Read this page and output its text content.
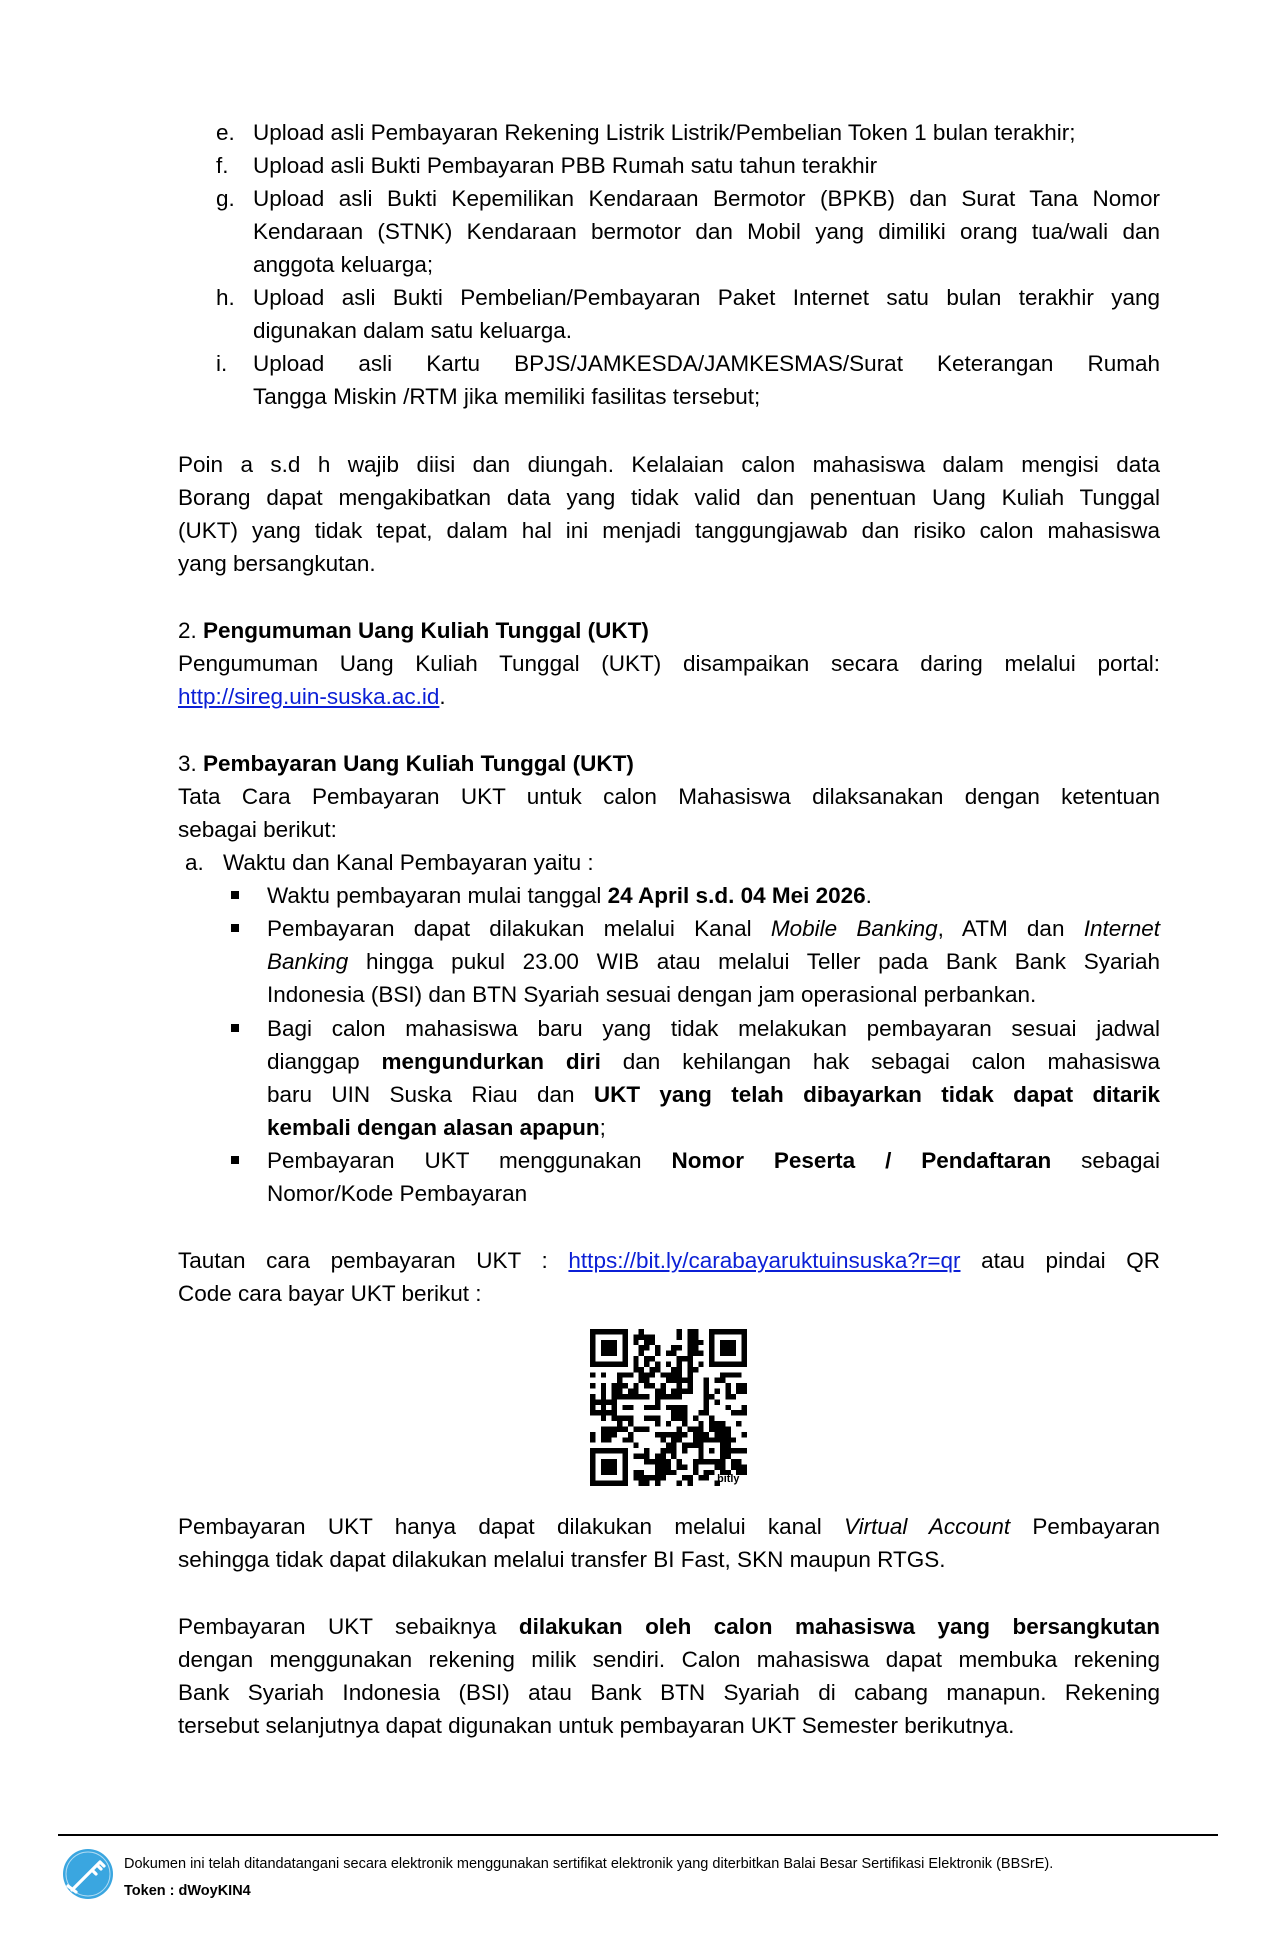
e. Upload asli Pembayaran Rekening Listrik Listrik/Pembelian Token 1 bulan terakhir;
f. Upload asli Bukti Pembayaran PBB Rumah satu tahun terakhir
g. Upload asli Bukti Kepemilikan Kendaraan Bermotor (BPKB) dan Surat Tana Nomor
Kendaraan (STNK) Kendaraan bermotor dan Mobil yang dimiliki orang tua/wali dan
anggota keluarga;
h. Upload asli Bukti Pembelian/Pembayaran Paket Internet satu bulan terakhir yang
digunakan dalam satu keluarga.
i. Upload asli Kartu BPJS/JAMKESDA/JAMKESMAS/Surat Keterangan Rumah
Tangga Miskin /RTM jika memiliki fasilitas tersebut;
Poin a s.d h wajib diisi dan diungah. Kelalaian calon mahasiswa dalam mengisi data
Borang dapat mengakibatkan data yang tidak valid dan penentuan Uang Kuliah Tunggal
(UKT) yang tidak tepat, dalam hal ini menjadi tanggungjawab dan risiko calon mahasiswa
yang bersangkutan.
2. Pengumuman Uang Kuliah Tunggal (UKT)
Pengumuman Uang Kuliah Tunggal (UKT) disampaikan secara daring melalui portal:
http://sireg.uin-suska.ac.id.
3. Pembayaran Uang Kuliah Tunggal (UKT)
Tata Cara Pembayaran UKT untuk calon Mahasiswa dilaksanakan dengan ketentuan
sebagai berikut:
a. Waktu dan Kanal Pembayaran yaitu :
Waktu pembayaran mulai tanggal 24 April s.d. 04 Mei 2026.
Pembayaran dapat dilakukan melalui Kanal Mobile Banking, ATM dan Internet
Banking hingga pukul 23.00 WIB atau melalui Teller pada Bank Bank Syariah
Indonesia (BSI) dan BTN Syariah sesuai dengan jam operasional perbankan.
Bagi calon mahasiswa baru yang tidak melakukan pembayaran sesuai jadwal
dianggap mengundurkan diri dan kehilangan hak sebagai calon mahasiswa
baru UIN Suska Riau dan UKT yang telah dibayarkan tidak dapat ditarik
kembali dengan alasan apapun;
Pembayaran UKT menggunakan Nomor Peserta / Pendaftaran sebagai
Nomor/Kode Pembayaran
Tautan cara pembayaran UKT : https://bit.ly/carabayaruktuinsuska?r=qr atau pindai QR
Code cara bayar UKT berikut :
bitly
Pembayaran UKT hanya dapat dilakukan melalui kanal Virtual Account Pembayaran
sehingga tidak dapat dilakukan melalui transfer BI Fast, SKN maupun RTGS.
Pembayaran UKT sebaiknya dilakukan oleh calon mahasiswa yang bersangkutan
dengan menggunakan rekening milik sendiri. Calon mahasiswa dapat membuka rekening
Bank Syariah Indonesia (BSI) atau Bank BTN Syariah di cabang manapun. Rekening
tersebut selanjutnya dapat digunakan untuk pembayaran UKT Semester berikutnya.
Dokumen ini telah ditandatangani secara elektronik menggunakan sertifikat elektronik yang diterbitkan Balai Besar Sertifikasi Elektronik (BBSrE).
Token : dWoyKIN4
